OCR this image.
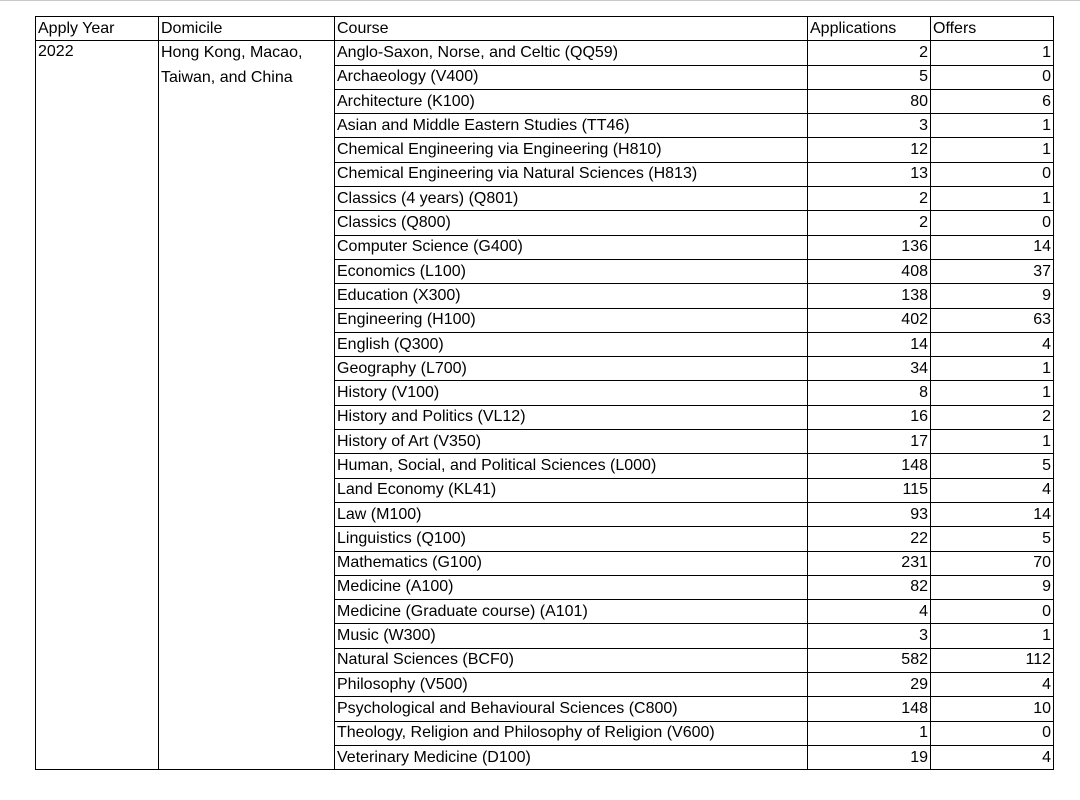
Apply Year	Domicile	Course	Applications	Offers
2022	Hong Kong, Macao, Taiwan, and China	Anglo-Saxon, Norse, and Celtic (QQ59)	2	1
		Archaeology (V400)	5	0
		Architecture (K100)	80	6
		Asian and Middle Eastern Studies (TT46)	3	1
		Chemical Engineering via Engineering (H810)	12	1
		Chemical Engineering via Natural Sciences (H813)	13	0
		Classics (4 years) (Q801)	2	1
		Classics (Q800)	2	0
		Computer Science (G400)	136	14
		Economics (L100)	408	37
		Education (X300)	138	9
		Engineering (H100)	402	63
		English (Q300)	14	4
		Geography (L700)	34	1
		History (V100)	8	1
		History and Politics (VL12)	16	2
		History of Art (V350)	17	1
		Human, Social, and Political Sciences (L000)	148	5
		Land Economy (KL41)	115	4
		Law (M100)	93	14
		Linguistics (Q100)	22	5
		Mathematics (G100)	231	70
		Medicine (A100)	82	9
		Medicine (Graduate course) (A101)	4	0
		Music (W300)	3	1
		Natural Sciences (BCF0)	582	112
		Philosophy (V500)	29	4
		Psychological and Behavioural Sciences (C800)	148	10
		Theology, Religion and Philosophy of Religion (V600)	1	0
		Veterinary Medicine (D100)	19	4
